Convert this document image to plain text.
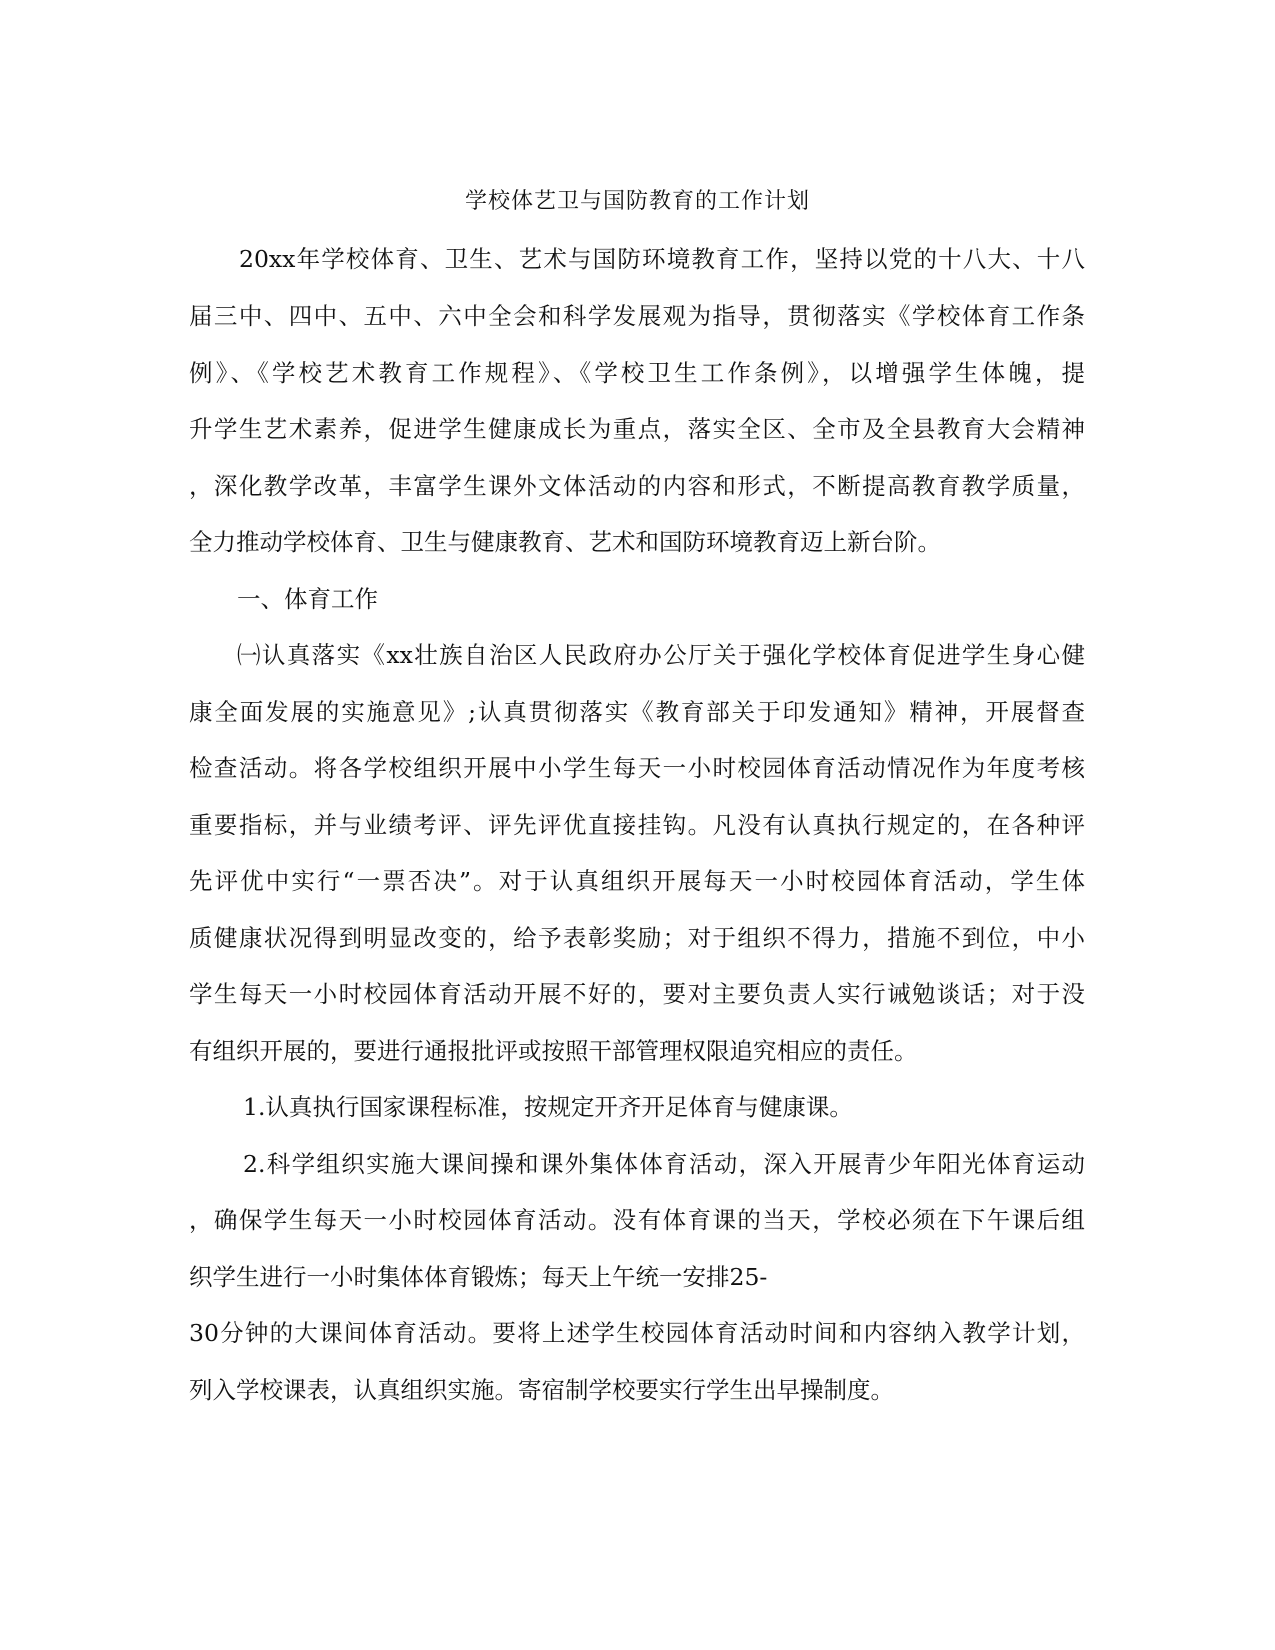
学校体艺卫与国防教育的工作计划
20xx年学校体育、卫生、艺术与国防环境教育工作，坚持以党的十八大、十八
届三中、四中、五中、六中全会和科学发展观为指导，贯彻落实《学校体育工作条
例》、《学校艺术教育工作规程》、《学校卫生工作条例》，以增强学生体魄，提
升学生艺术素养，促进学生健康成长为重点，落实全区、全市及全县教育大会精神
，深化教学改革，丰富学生课外文体活动的内容和形式，不断提高教育教学质量，
全力推动学校体育、卫生与健康教育、艺术和国防环境教育迈上新台阶。
一、体育工作
㈠认真落实《xx壮族自治区人民政府办公厅关于强化学校体育促进学生身心健
康全面发展的实施意见》;认真贯彻落实《教育部关于印发通知》精神，开展督查
检查活动。将各学校组织开展中小学生每天一小时校园体育活动情况作为年度考核
重要指标，并与业绩考评、评先评优直接挂钩。凡没有认真执行规定的，在各种评
先评优中实行“一票否决”。对于认真组织开展每天一小时校园体育活动，学生体
质健康状况得到明显改变的，给予表彰奖励；对于组织不得力，措施不到位，中小
学生每天一小时校园体育活动开展不好的，要对主要负责人实行诫勉谈话；对于没
有组织开展的，要进行通报批评或按照干部管理权限追究相应的责任。
1.认真执行国家课程标准，按规定开齐开足体育与健康课。
2.科学组织实施大课间操和课外集体体育活动，深入开展青少年阳光体育运动
，确保学生每天一小时校园体育活动。没有体育课的当天，学校必须在下午课后组
织学生进行一小时集体体育锻炼；每天上午统一安排25-
30分钟的大课间体育活动。要将上述学生校园体育活动时间和内容纳入教学计划，
列入学校课表，认真组织实施。寄宿制学校要实行学生出早操制度。
